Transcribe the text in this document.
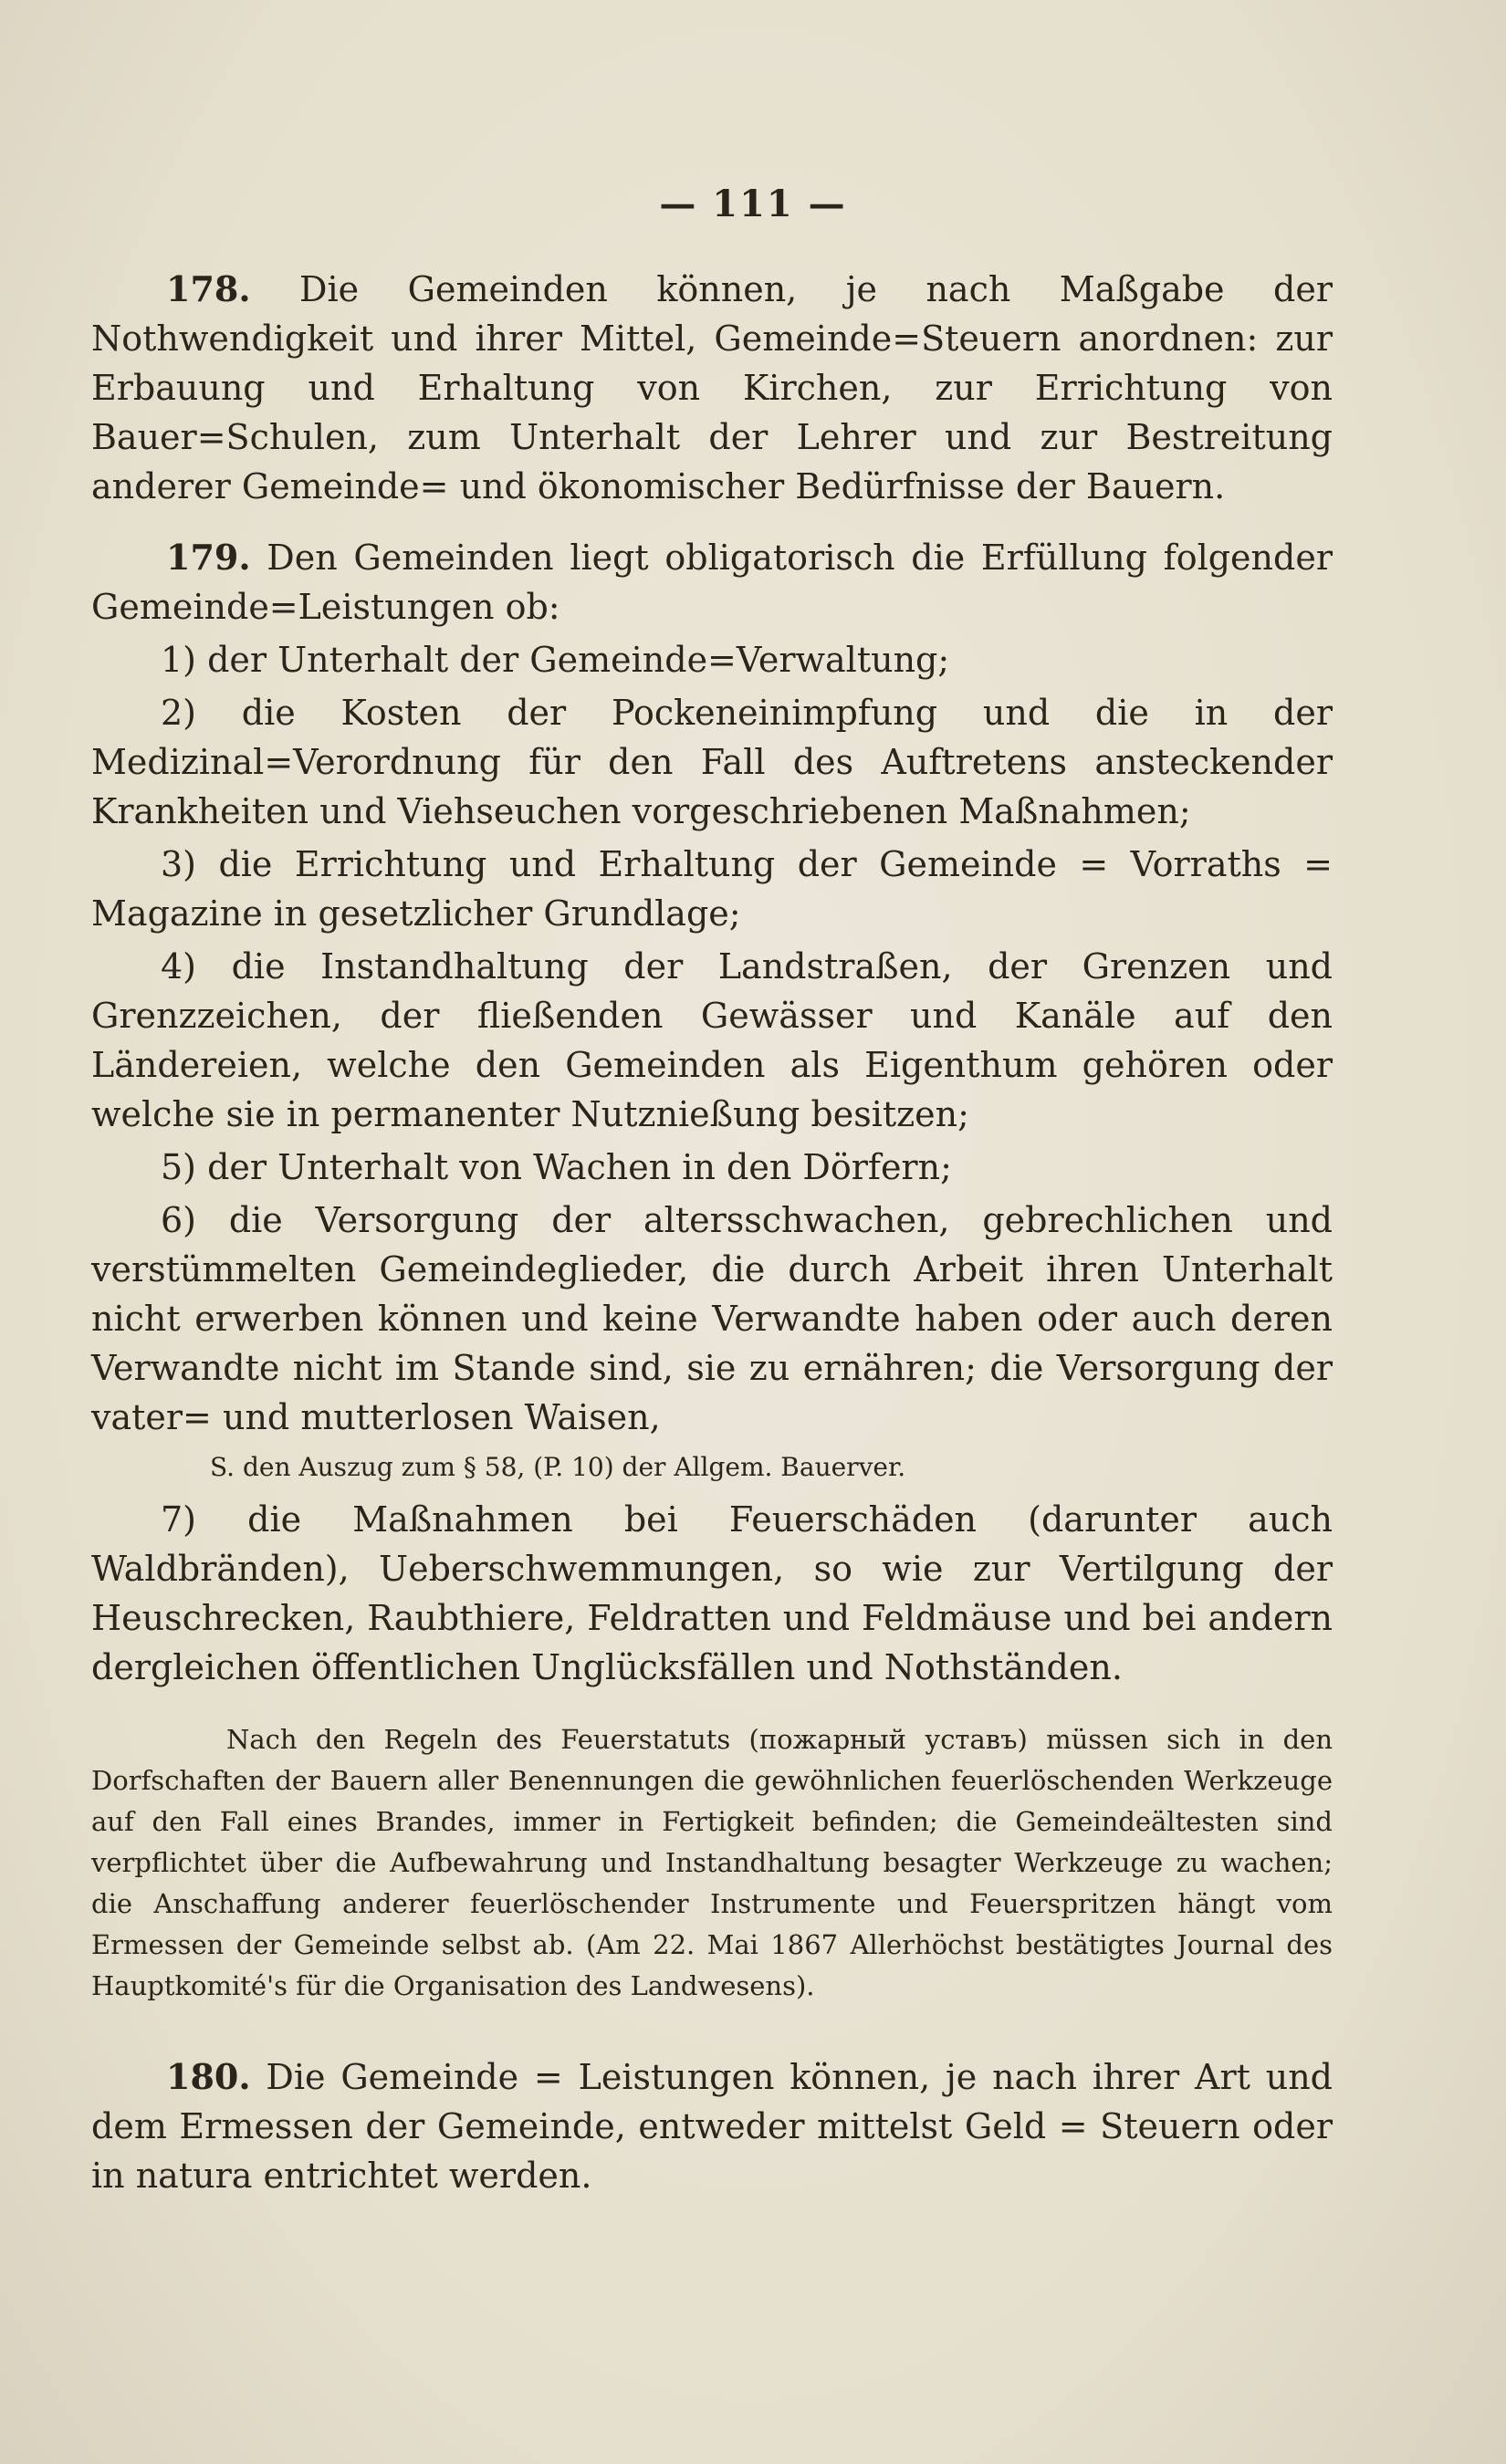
— 111 —

178. Die Gemeinden können, je nach Maßgabe der Nothwendigkeit und ihrer Mittel, Gemeinde=Steuern anordnen: zur Erbauung und Erhaltung von Kirchen, zur Errichtung von Bauer=Schulen, zum Unterhalt der Lehrer und zur Bestreitung anderer Gemeinde= und ökonomischer Bedürfnisse der Bauern.

179. Den Gemeinden liegt obligatorisch die Erfüllung folgender Gemeinde=Leistungen ob:

1) der Unterhalt der Gemeinde=Verwaltung;

2) die Kosten der Pockeneinimpfung und die in der Medizinal=Verordnung für den Fall des Auftretens ansteckender Krankheiten und Viehseuchen vorgeschriebenen Maßnahmen;

3) die Errichtung und Erhaltung der Gemeinde = Vorraths = Magazine in gesetzlicher Grundlage;

4) die Instandhaltung der Landstraßen, der Grenzen und Grenzzeichen, der fließenden Gewässer und Kanäle auf den Ländereien, welche den Gemeinden als Eigenthum gehören oder welche sie in permanenter Nutznießung besitzen;

5) der Unterhalt von Wachen in den Dörfern;

6) die Versorgung der altersschwachen, gebrechlichen und verstümmelten Gemeindeglieder, die durch Arbeit ihren Unterhalt nicht erwerben können und keine Verwandte haben oder auch deren Verwandte nicht im Stande sind, sie zu ernähren; die Versorgung der vater= und mutterlosen Waisen,

S. den Auszug zum § 58, (P. 10) der Allgem. Bauerver.

7) die Maßnahmen bei Feuerschäden (darunter auch Waldbränden), Ueberschwemmungen, so wie zur Vertilgung der Heuschrecken, Raubthiere, Feldratten und Feldmäuse und bei andern dergleichen öffentlichen Unglücksfällen und Nothständen.

Nach den Regeln des Feuerstatuts (пожарный уставъ) müssen sich in den Dorfschaften der Bauern aller Benennungen die gewöhnlichen feuerlöschenden Werkzeuge auf den Fall eines Brandes, immer in Fertigkeit befinden; die Gemeindeältesten sind verpflichtet über die Aufbewahrung und Instandhaltung besagter Werkzeuge zu wachen; die Anschaffung anderer feuerlöschender Instrumente und Feuerspritzen hängt vom Ermessen der Gemeinde selbst ab. (Am 22. Mai 1867 Allerhöchst bestätigtes Journal des Hauptkomité's für die Organisation des Landwesens).

180. Die Gemeinde = Leistungen können, je nach ihrer Art und dem Ermessen der Gemeinde, entweder mittelst Geld = Steuern oder in natura entrichtet werden.
